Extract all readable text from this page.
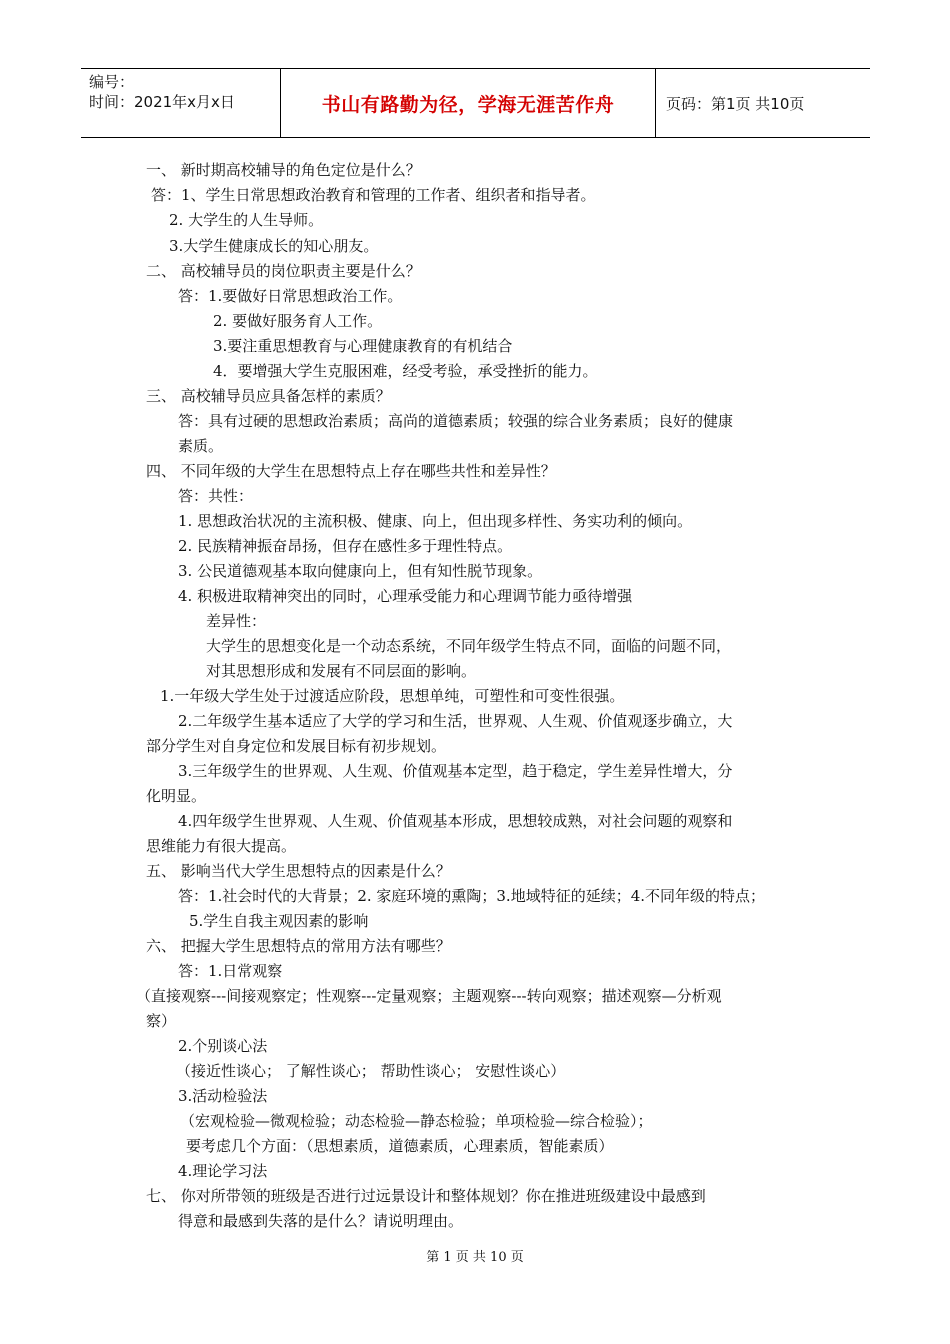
编号：
时间：2021年x月x日	书山有路勤为径，学海无涯苦作舟	页码：第1页 共10页
一、 新时期高校辅导的角色定位是什么？
答：1、学生日常思想政治教育和管理的工作者、组织者和指导者。
2. 大学生的人生导师。
3.大学生健康成长的知心朋友。
二、 高校辅导员的岗位职责主要是什么？
答：1.要做好日常思想政治工作。
2. 要做好服务育人工作。
3.要注重思想教育与心理健康教育的有机结合
4．要增强大学生克服困难，经受考验，承受挫折的能力。
三、 高校辅导员应具备怎样的素质？
答：具有过硬的思想政治素质；高尚的道德素质；较强的综合业务素质；良好的健康
素质。
四、 不同年级的大学生在思想特点上存在哪些共性和差异性？
答：共性：
1. 思想政治状况的主流积极、健康、向上，但出现多样性、务实功利的倾向。
2. 民族精神振奋昂扬，但存在感性多于理性特点。
3. 公民道德观基本取向健康向上，但有知性脱节现象。
4. 积极进取精神突出的同时，心理承受能力和心理调节能力亟待增强
差异性：
大学生的思想变化是一个动态系统，不同年级学生特点不同，面临的问题不同，
对其思想形成和发展有不同层面的影响。
1.一年级大学生处于过渡适应阶段，思想单纯，可塑性和可变性很强。
2.二年级学生基本适应了大学的学习和生活，世界观、人生观、价值观逐步确立，大
部分学生对自身定位和发展目标有初步规划。
3.三年级学生的世界观、人生观、价值观基本定型，趋于稳定，学生差异性增大，分
化明显。
4.四年级学生世界观、人生观、价值观基本形成，思想较成熟，对社会问题的观察和
思维能力有很大提高。
五、 影响当代大学生思想特点的因素是什么？
答：1.社会时代的大背景；2. 家庭环境的熏陶；3.地域特征的延续；4.不同年级的特点；
5.学生自我主观因素的影响
六、 把握大学生思想特点的常用方法有哪些？
答：1.日常观察
（直接观察---间接观察定；性观察---定量观察；主题观察---转向观察；描述观察—分析观
察）
2.个别谈心法
（接近性谈心； 了解性谈心； 帮助性谈心； 安慰性谈心）
3.活动检验法
（宏观检验—微观检验；动态检验—静态检验；单项检验—综合检验）；
要考虑几个方面：（思想素质，道德素质，心理素质，智能素质）
4.理论学习法
七、 你对所带领的班级是否进行过远景设计和整体规划？你在推进班级建设中最感到
得意和最感到失落的是什么？请说明理由。
第 1 页 共 10 页
